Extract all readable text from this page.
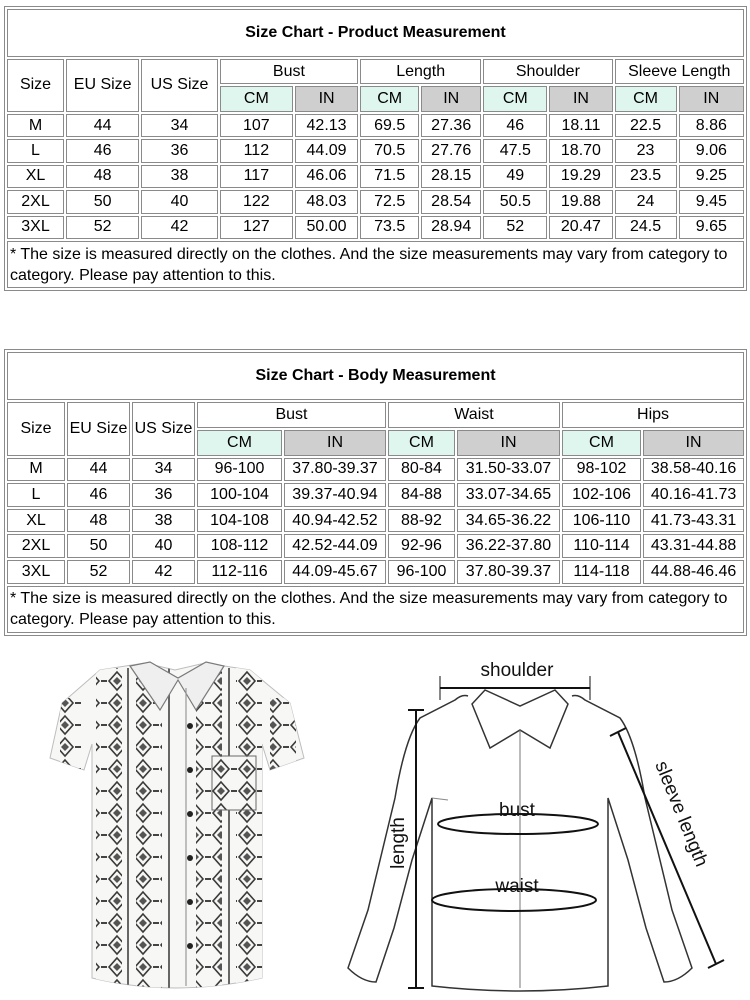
Size Chart - Product Measurement										
Size	EU Size	US Size	Bust		Length		Shoulder		Sleeve Length	
			CM	IN	CM	IN	CM	IN	CM	IN
M	44	34	107	42.13	69.5	27.36	46	18.11	22.5	8.86
L	46	36	112	44.09	70.5	27.76	47.5	18.70	23	9.06
XL	48	38	117	46.06	71.5	28.15	49	19.29	23.5	9.25
2XL	50	40	122	48.03	72.5	28.54	50.5	19.88	24	9.45
3XL	52	42	127	50.00	73.5	28.94	52	20.47	24.5	9.65
* The size is measured directly on the clothes. And the size measurements may vary from category to category. Please pay attention to this.										
Size Chart - Body Measurement								
Size	EU Size	US Size	Bust		Waist		Hips	
			CM	IN	CM	IN	CM	IN
M	44	34	96-100	37.80-39.37	80-84	31.50-33.07	98-102	38.58-40.16
L	46	36	100-104	39.37-40.94	84-88	33.07-34.65	102-106	40.16-41.73
XL	48	38	104-108	40.94-42.52	88-92	34.65-36.22	106-110	41.73-43.31
2XL	50	40	108-112	42.52-44.09	92-96	36.22-37.80	110-114	43.31-44.88
3XL	52	42	112-116	44.09-45.67	96-100	37.80-39.37	114-118	44.88-46.46
* The size is measured directly on the clothes. And the size measurements may vary from category to category. Please pay attention to this.								
shoulder
bust
waist
length	sleeve length
